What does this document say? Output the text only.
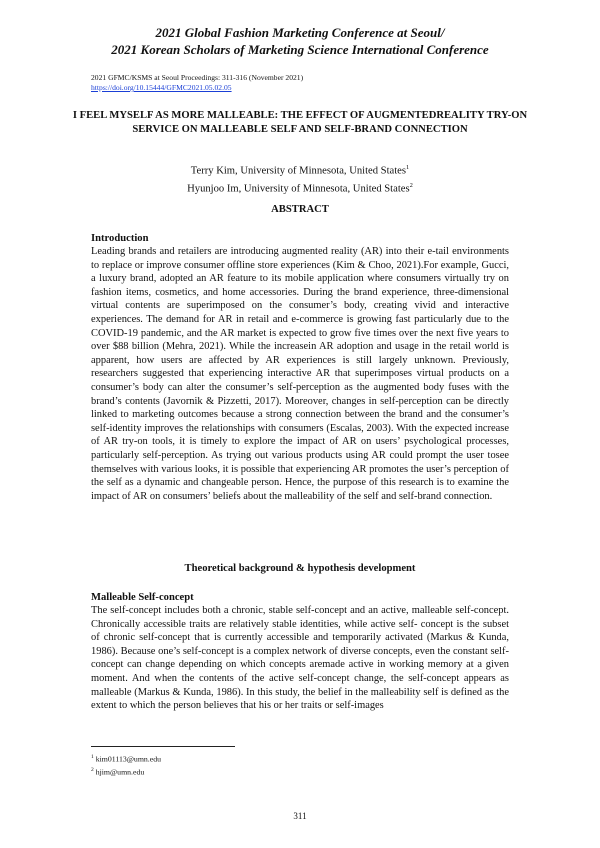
2021 Global Fashion Marketing Conference at Seoul/
2021 Korean Scholars of Marketing Science International Conference
2021 GFMC/KSMS at Seoul Proceedings: 311-316 (November 2021)
https://doi.org/10.15444/GFMC2021.05.02.05
I FEEL MYSELF AS MORE MALLEABLE: THE EFFECT OF AUGMENTEDREALITY TRY-ON SERVICE ON MALLEABLE SELF AND SELF-BRAND CONNECTION
Terry Kim, University of Minnesota, United States$^1$
Hyunjoo Im, University of Minnesota, United States$^2$
ABSTRACT
Introduction
Leading brands and retailers are introducing augmented reality (AR) into their e-tail environments to replace or improve consumer offline store experiences (Kim & Choo, 2021).For example, Gucci, a luxury brand, adopted an AR feature to its mobile application where consumers virtually try on fashion items, cosmetics, and home accessories. During the brand experience, three-dimensional virtual contents are superimposed on the consumer’s body, creating vivid and interactive experiences. The demand for AR in retail and e-commerce is growing fast particularly due to the COVID-19 pandemic, and the AR market is expected to grow five times over the next five years to over $88 billion (Mehra, 2021). While the increasein AR adoption and usage in the retail world is apparent, how users are affected by AR experiences is still largely unknown. Previously, researchers suggested that experiencing interactive AR that superimposes virtual products on a consumer’s body can alter the consumer’s self-perception as the augmented body fuses with the brand’s contents (Javornik & Pizzetti, 2017). Moreover, changes in self-perception can be directly linked to marketing outcomes because a strong connection between the brand and the consumer’s self-identity improves the relationships with consumers (Escalas, 2003). With the expected increase of AR try-on tools, it is timely to explore the impact of AR on users’ psychological processes, particularly self-perception. As trying out various products using AR could prompt the user tosee themselves with various looks, it is possible that experiencing AR promotes the user’s perception of the self as a dynamic and changeable person. Hence, the purpose of this research is to examine the impact of AR on consumers’ beliefs about the malleability of the self and self-brand connection.
Theoretical background & hypothesis development
Malleable Self-concept
The self-concept includes both a chronic, stable self-concept and an active, malleable self-concept. Chronically accessible traits are relatively stable identities, while active self- concept is the subset of chronic self-concept that is currently accessible and temporarily activated (Markus & Kunda, 1986). Because one’s self-concept is a complex network of diverse concepts, even the constant self-concept can change depending on which concepts aremade active in working memory at a given moment. And when the contents of the active self-concept change, the self-concept appears as malleable (Markus & Kunda, 1986). In this study, the belief in the malleability self is defined as the extent to which the person believes that his or her traits or self-images
$^1$ kim01113@umn.edu
$^2$ hjim@umn.edu
311
